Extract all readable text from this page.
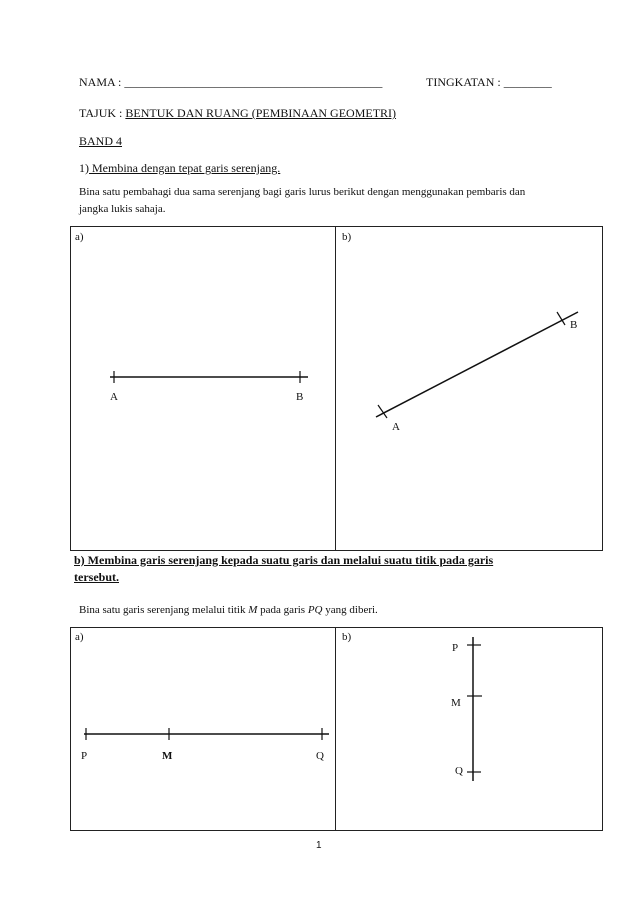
NAMA : ___________________________________________	TINGKATAN : ________
TAJUK : BENTUK DAN RUANG (PEMBINAAN GEOMETRI)
BAND 4
1) Membina dengan tepat garis serenjang.
Bina satu pembahagi dua sama serenjang bagi garis lurus berikut dengan menggunakan pembaris dan
jangka lukis sahaja.
a)	b)
A	B
A
B
b) Membina garis serenjang kepada suatu garis dan melalui suatu titik pada garis
tersebut.
Bina satu garis serenjang melalui titik M pada garis PQ yang diberi.
a)	b)
P	M	Q
P
M
Q
1
